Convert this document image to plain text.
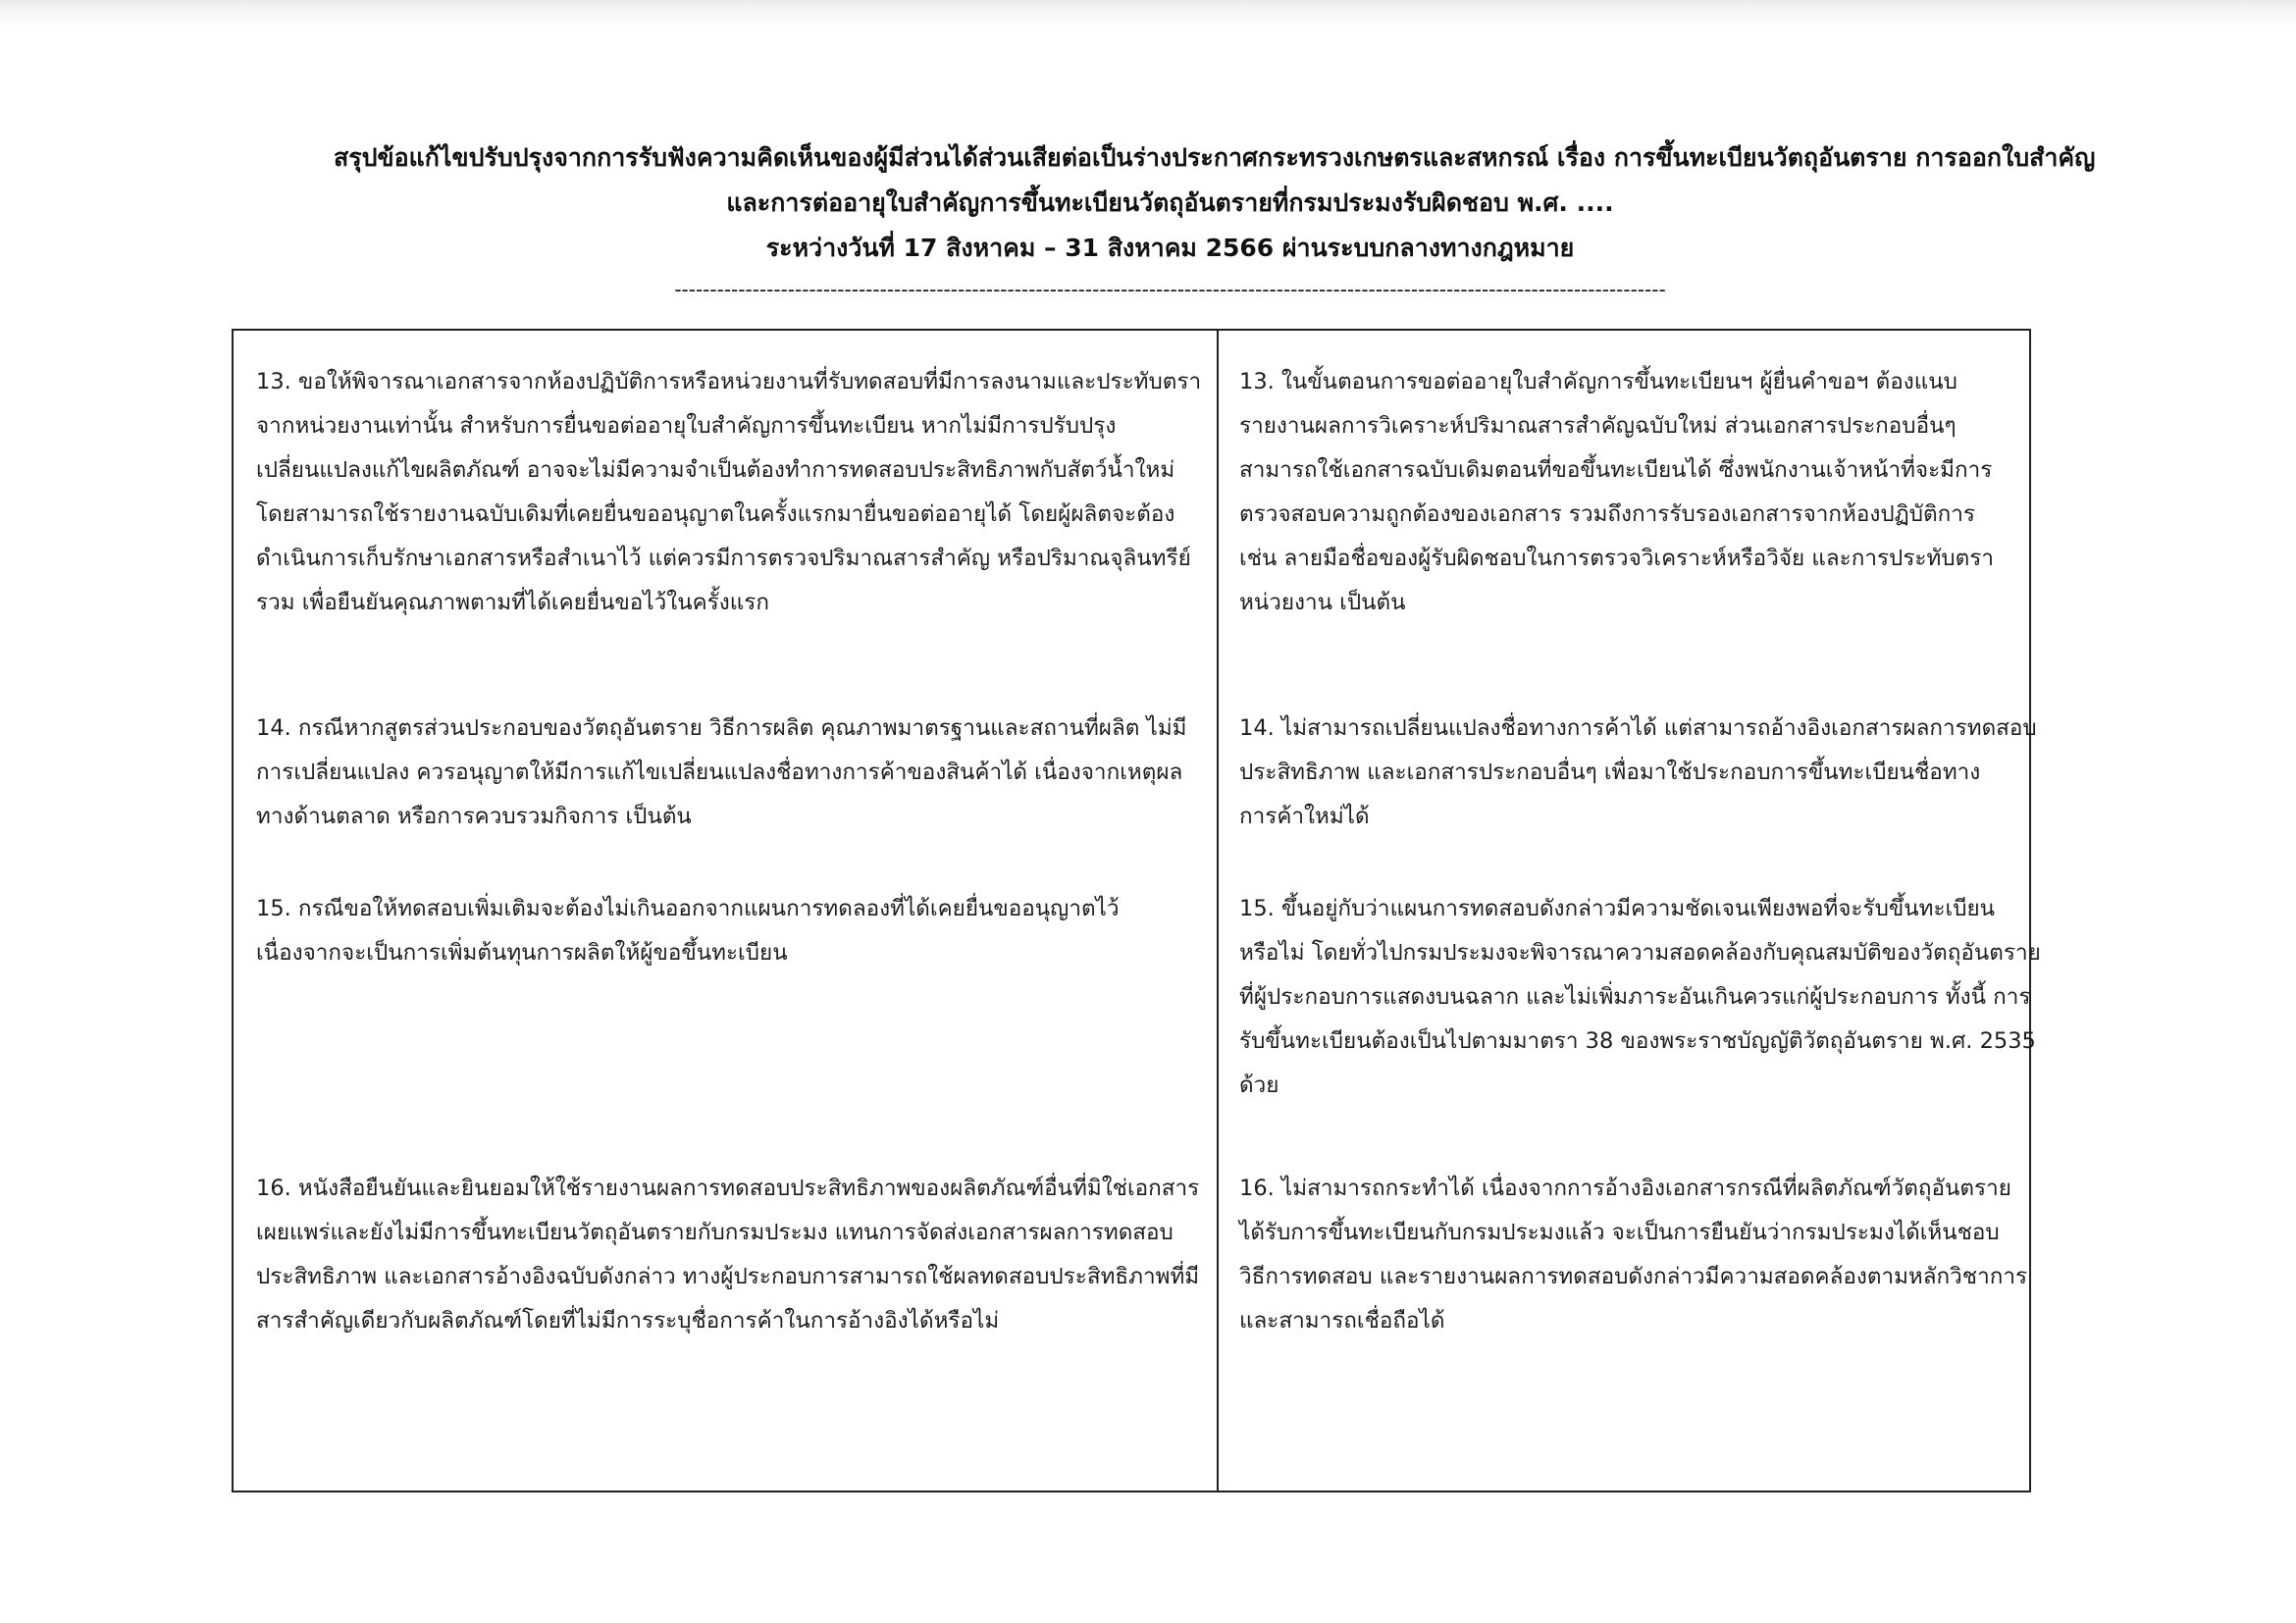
สรุปข้อแก้ไขปรับปรุงจากการรับฟังความคิดเห็นของผู้มีส่วนได้ส่วนเสียต่อเป็นร่างประกาศกระทรวงเกษตรและสหกรณ์ เรื่อง การขึ้นทะเบียนวัตถุอันตราย การออกใบสำคัญ
และการต่ออายุใบสำคัญการขึ้นทะเบียนวัตถุอันตรายที่กรมประมงรับผิดชอบ พ.ศ. ....
ระหว่างวันที่ 17 สิงหาคม – 31 สิงหาคม 2566 ผ่านระบบกลางทางกฎหมาย
--------------------------------------------------------------------------------------------------------------------------------------------
13. ขอให้พิจารณาเอกสารจากห้องปฏิบัติการหรือหน่วยงานที่รับทดสอบที่มีการลงนามและประทับตรา
จากหน่วยงานเท่านั้น สำหรับการยื่นขอต่ออายุใบสำคัญการขึ้นทะเบียน หากไม่มีการปรับปรุง
เปลี่ยนแปลงแก้ไขผลิตภัณฑ์ อาจจะไม่มีความจำเป็นต้องทำการทดสอบประสิทธิภาพกับสัตว์น้ำใหม่
โดยสามารถใช้รายงานฉบับเดิมที่เคยยื่นขออนุญาตในครั้งแรกมายื่นขอต่ออายุได้ โดยผู้ผลิตจะต้อง
ดำเนินการเก็บรักษาเอกสารหรือสำเนาไว้ แต่ควรมีการตรวจปริมาณสารสำคัญ หรือปริมาณจุลินทรีย์
รวม เพื่อยืนยันคุณภาพตามที่ได้เคยยื่นขอไว้ในครั้งแรก
13. ในขั้นตอนการขอต่ออายุใบสำคัญการขึ้นทะเบียนฯ ผู้ยื่นคำขอฯ ต้องแนบ
รายงานผลการวิเคราะห์ปริมาณสารสำคัญฉบับใหม่ ส่วนเอกสารประกอบอื่นๆ
สามารถใช้เอกสารฉบับเดิมตอนที่ขอขึ้นทะเบียนได้ ซึ่งพนักงานเจ้าหน้าที่จะมีการ
ตรวจสอบความถูกต้องของเอกสาร รวมถึงการรับรองเอกสารจากห้องปฏิบัติการ
เช่น ลายมือชื่อของผู้รับผิดชอบในการตรวจวิเคราะห์หรือวิจัย และการประทับตรา
หน่วยงาน เป็นต้น
14. กรณีหากสูตรส่วนประกอบของวัตถุอันตราย วิธีการผลิต คุณภาพมาตรฐานและสถานที่ผลิต ไม่มี
การเปลี่ยนแปลง ควรอนุญาตให้มีการแก้ไขเปลี่ยนแปลงชื่อทางการค้าของสินค้าได้ เนื่องจากเหตุผล
ทางด้านตลาด หรือการควบรวมกิจการ เป็นต้น
14. ไม่สามารถเปลี่ยนแปลงชื่อทางการค้าได้ แต่สามารถอ้างอิงเอกสารผลการทดสอบ
ประสิทธิภาพ และเอกสารประกอบอื่นๆ เพื่อมาใช้ประกอบการขึ้นทะเบียนชื่อทาง
การค้าใหม่ได้
15. กรณีขอให้ทดสอบเพิ่มเติมจะต้องไม่เกินออกจากแผนการทดลองที่ได้เคยยื่นขออนุญาตไว้
เนื่องจากจะเป็นการเพิ่มต้นทุนการผลิตให้ผู้ขอขึ้นทะเบียน
15. ขึ้นอยู่กับว่าแผนการทดสอบดังกล่าวมีความชัดเจนเพียงพอที่จะรับขึ้นทะเบียน
หรือไม่ โดยทั่วไปกรมประมงจะพิจารณาความสอดคล้องกับคุณสมบัติของวัตถุอันตราย
ที่ผู้ประกอบการแสดงบนฉลาก และไม่เพิ่มภาระอันเกินควรแก่ผู้ประกอบการ ทั้งนี้ การ
รับขึ้นทะเบียนต้องเป็นไปตามมาตรา 38 ของพระราชบัญญัติวัตถุอันตราย พ.ศ. 2535
ด้วย
16. หนังสือยืนยันและยินยอมให้ใช้รายงานผลการทดสอบประสิทธิภาพของผลิตภัณฑ์อื่นที่มิใช่เอกสาร
เผยแพร่และยังไม่มีการขึ้นทะเบียนวัตถุอันตรายกับกรมประมง แทนการจัดส่งเอกสารผลการทดสอบ
ประสิทธิภาพ และเอกสารอ้างอิงฉบับดังกล่าว ทางผู้ประกอบการสามารถใช้ผลทดสอบประสิทธิภาพที่มี
สารสำคัญเดียวกับผลิตภัณฑ์โดยที่ไม่มีการระบุชื่อการค้าในการอ้างอิงได้หรือไม่
16. ไม่สามารถกระทำได้ เนื่องจากการอ้างอิงเอกสารกรณีที่ผลิตภัณฑ์วัตถุอันตราย
ได้รับการขึ้นทะเบียนกับกรมประมงแล้ว จะเป็นการยืนยันว่ากรมประมงได้เห็นชอบ
วิธีการทดสอบ และรายงานผลการทดสอบดังกล่าวมีความสอดคล้องตามหลักวิชาการ
และสามารถเชื่อถือได้
